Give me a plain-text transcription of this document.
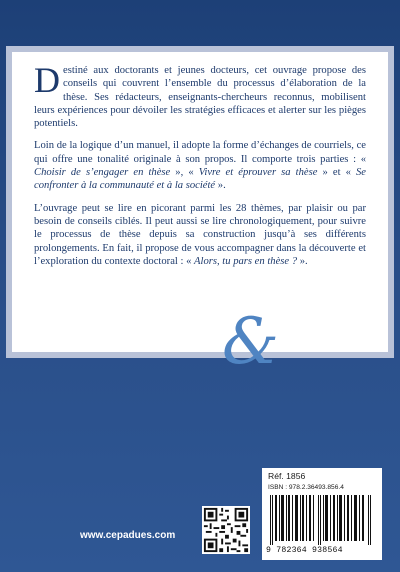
Destiné aux doctorants et jeunes docteurs, cet ouvrage propose des conseils qui couvrent l’ensemble du processus d’élaboration de la thèse. Ses rédacteurs, enseignants-chercheurs reconnus, mobilisent leurs expériences pour dévoiler les stratégies efficaces et alerter sur les pièges potentiels.

Loin de la logique d’un manuel, il adopte la forme d’échanges de courriels, ce qui offre une tonalité originale à son propos. Il comporte trois parties : « Choisir de s’engager en thèse », « Vivre et éprouver sa thèse » et « Se confronter à la communauté et à la société ».

L’ouvrage peut se lire en picorant parmi les 28 thèmes, par plaisir ou par besoin de conseils ciblés. Il peut aussi se lire chronologiquement, pour suivre le processus de thèse depuis sa construction jusqu’à ses différents prolongements. En fait, il propose de vous accompagner dans la découverte et l’exploration du contexte doctoral : « Alors, tu pars en thèse ? ».

&
www.cepadues.com
Réf. 1856
ISBN : 978.2.36493.856.4
9 782364 938564
